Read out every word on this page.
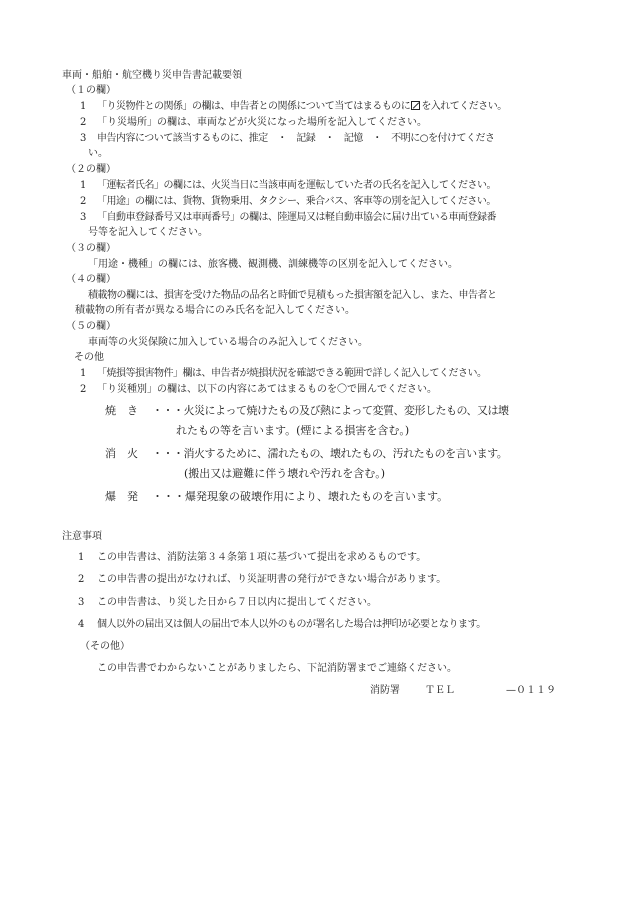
車両・船舶・航空機り災申告書記載要領
（１の欄）
1 「り災物件との関係」の欄は、申告者との関係について当てはまるものに を入れてください。
2 「り災場所」の欄は、車両などが火災になった場所を記入してください。
3 申告内容について該当するものに、推定　・　記録　・　記憶　・　不明に○を付けてくださ
い。
（２の欄）
1 「運転者氏名」の欄には、火災当日に当該車両を運転していた者の氏名を記入してください。
2 「用途」の欄には、貨物、貨物乗用、タクシー、乗合バス、客車等の別を記入してください。
3 「自動車登録番号又は車両番号」の欄は、陸運局又は軽自動車協会に届け出ている車両登録番
号等を記入してください。
（３の欄）
「用途・機種」の欄には、旅客機、観測機、訓練機等の区別を記入してください。
（４の欄）
積載物の欄には、損害を受けた物品の品名と時価で見積もった損害額を記入し、また、申告者と
積載物の所有者が異なる場合にのみ氏名を記入してください。
（５の欄）
車両等の火災保険に加入している場合のみ記入してください。
その他
1 「焼損等損害物件」欄は、申告者が焼損状況を確認できる範囲で詳しく記入してください。
2 「り災種別」の欄は、以下の内容にあてはまるものを〇で囲んでください。
焼　き ・・・火災によって焼けたもの及び熱によって変質、変形したもの、又は壊
れたもの等を言います。(煙による損害を含む。)
消　火 ・・・消火するために、濡れたもの、壊れたもの、汚れたものを言います。
(搬出又は避難に伴う壊れや汚れを含む。)
爆　発 ・・・爆発現象の破壊作用により、壊れたものを言います。
注意事項
1 この申告書は、消防法第３４条第１項に基づいて提出を求めるものです。
2 この申告書の提出がなければ、り災証明書の発行ができない場合があります。
3 この申告書は、り災した日から７日以内に提出してください。
4 個人以外の届出又は個人の届出で本人以外のものが署名した場合は押印が必要となります。
（その他）
この申告書でわからないことがありましたら、下記消防署までご連絡ください。
消防署	ＴＥＬ	—０１１９
